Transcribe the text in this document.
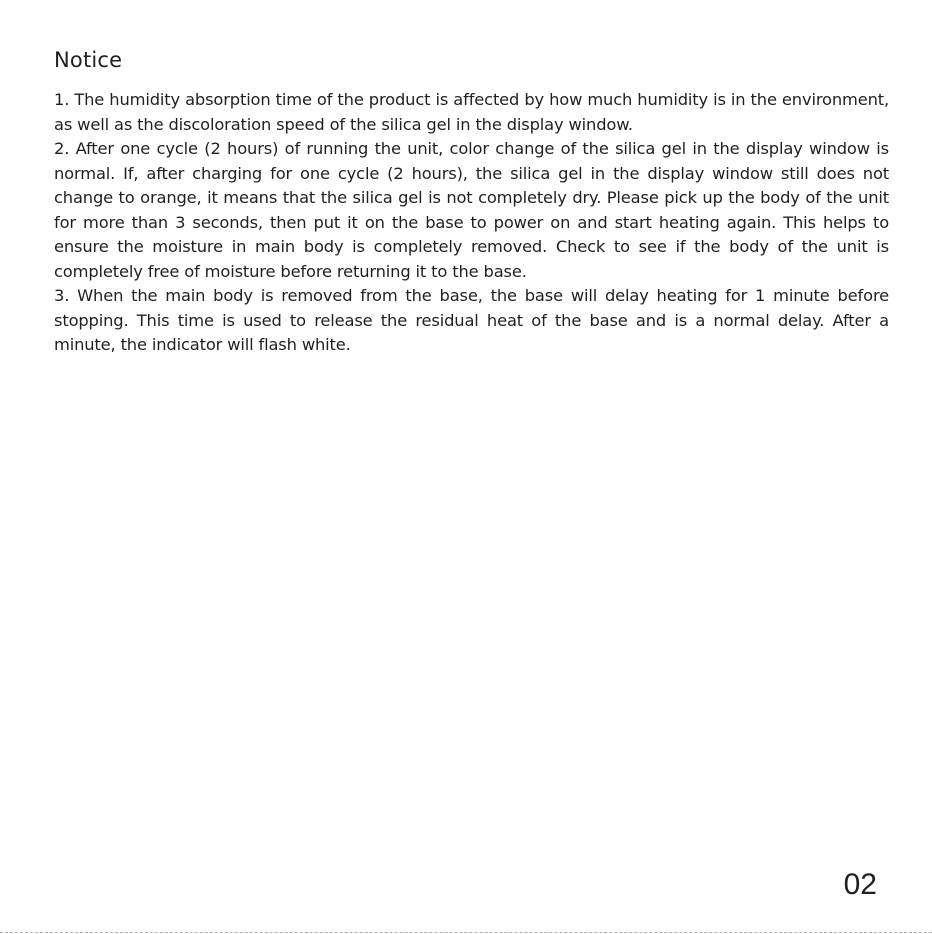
Notice

1. The humidity absorption time of the product is affected by how much humidity is in the environment, as well as the discoloration speed of the silica gel in the display window.

2. After one cycle (2 hours) of running the unit, color change of the silica gel in the display window is normal. If, after charging for one cycle (2 hours), the silica gel in the display window still does not change to orange, it means that the silica gel is not completely dry. Please pick up the body of the unit for more than 3 seconds, then put it on the base to power on and start heating again. This helps to ensure the moisture in main body is completely removed. Check to see if the body of the unit is completely free of moisture before returning it to the base.

3. When the main body is removed from the base, the base will delay heating for 1 minute before stopping. This time is used to release the residual heat of the base and is a normal delay. After a minute, the indicator will flash white.

02
